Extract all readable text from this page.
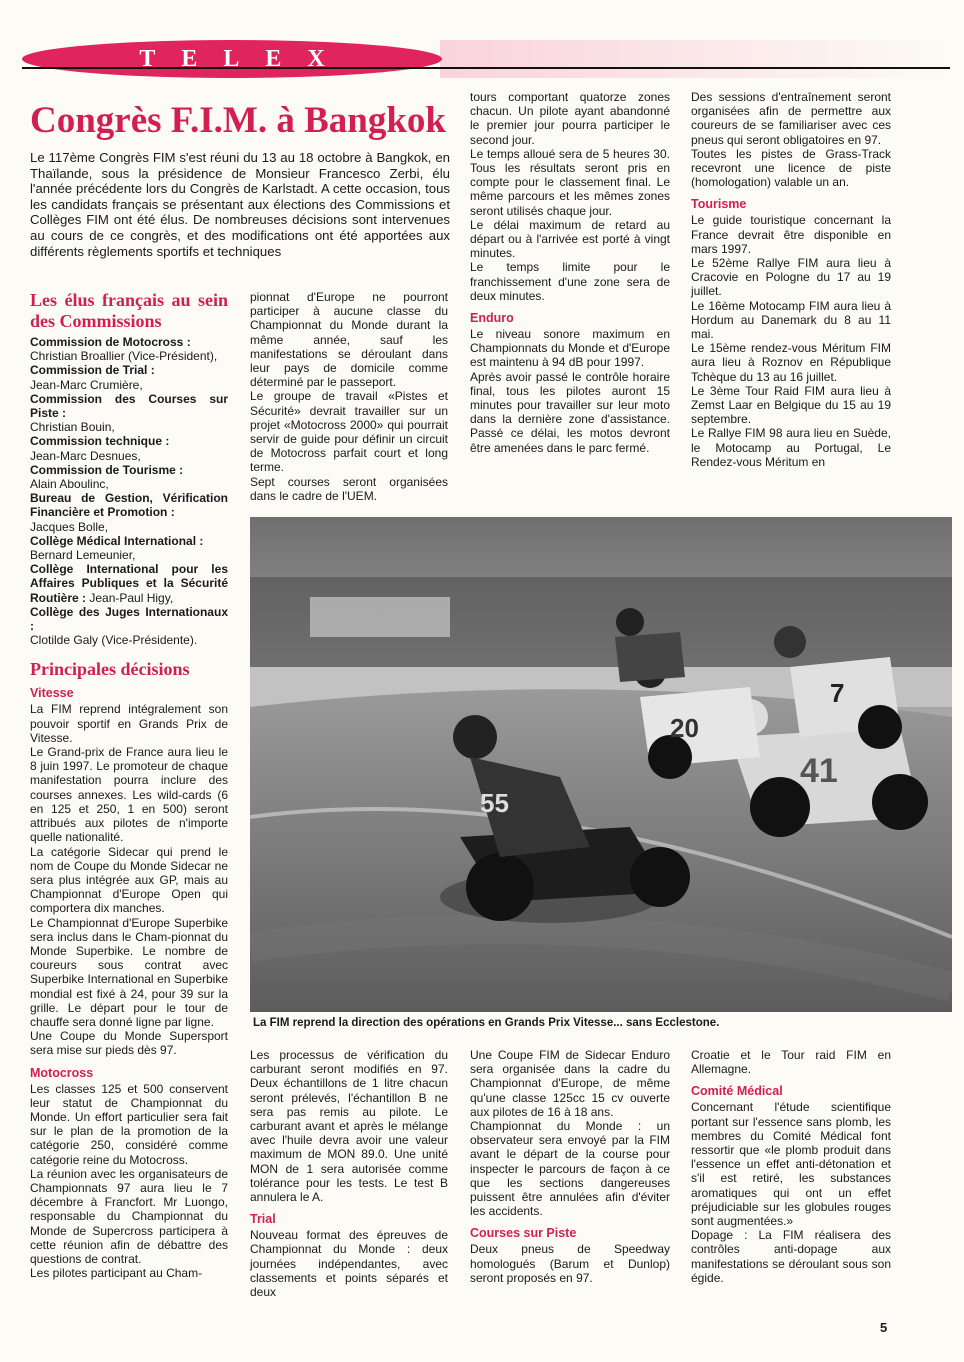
TELEX
Congrès F.I.M. à Bangkok
Le 117ème Congrès FIM s'est réuni du 13 au 18 octobre à Bangkok, en Thaïlande, sous la présidence de Monsieur Francesco Zerbi, élu l'année précédente lors du Congrès de Karlstadt. A cette occasion, tous les candidats français se présentant aux élections des Commissions et Collèges FIM ont été élus. De nombreuses décisions sont intervenues au cours de ce congrès, et des modifications ont été apportées aux différents règlements sportifs et techniques
Les élus français au sein des Commissions

Commission de Motocross :
Christian Broallier (Vice-Président),

Commission de Trial :
Jean-Marc Crumière,

Commission des Courses sur Piste :
Christian Bouin,

Commission technique :
Jean-Marc Desnues,

Commission de Tourisme :
Alain Aboulinc,

Bureau de Gestion, Vérification Financière et Promotion :
Jacques Bolle,

Collège Médical International :
Bernard Lemeunier,

Collège International pour les Affaires Publiques et la Sécurité Routière : Jean-Paul Higy,

Collège des Juges Internationaux :
Clotilde Galy (Vice-Présidente).

Principales décisions
Vitesse

La FIM reprend intégralement son pouvoir sportif en Grands Prix de Vitesse.

Le Grand-prix de France aura lieu le 8 juin 1997. Le promoteur de chaque manifestation pourra inclure des courses annexes. Les wild-cards (6 en 125 et 250, 1 en 500) seront attribués aux pilotes de n'importe quelle nationalité.

La catégorie Sidecar qui prend le nom de Coupe du Monde Sidecar ne sera plus intégrée aux GP, mais au Championnat d'Europe Open qui comportera dix manches.

Le Championnat d'Europe Superbike sera inclus dans le Cham-pionnat du Monde Superbike. Le nombre de coureurs sous contrat avec Superbike International en Superbike mondial est fixé à 24, pour 39 sur la grille. Le départ pour le tour de chauffe sera donné ligne par ligne.

Une Coupe du Monde Supersport sera mise sur pieds dès 97.

Motocross

Les classes 125 et 500 conservent leur statut de Championnat du Monde. Un effort particulier sera fait sur le plan de la promotion de la catégorie 250, considéré comme catégorie reine du Motocross.

La réunion avec les organisateurs de Championnats 97 aura lieu le 7 décembre à Francfort. Mr Luongo, responsable du Championnat du Monde de Supercross participera à cette réunion afin de débattre des questions de contrat.

Les pilotes participant au Cham-

pionnat d'Europe ne pourront participer à aucune classe du Championnat du Monde durant la même année, sauf les manifestations se déroulant dans leur pays de domicile comme déterminé par le passeport.

Le groupe de travail «Pistes et Sécurité» devrait travailler sur un projet «Motocross 2000» qui pourrait servir de guide pour définir un circuit de Motocross parfait court et long terme.

Sept courses seront organisées dans le cadre de l'UEM.

tours comportant quatorze zones chacun. Un pilote ayant abandonné le premier jour pourra participer le second jour.

Le temps alloué sera de 5 heures 30. Tous les résultats seront pris en compte pour le classement final. Le même parcours et les mêmes zones seront utilisés chaque jour.

Le délai maximum de retard au départ ou à l'arrivée est porté à vingt minutes.

Le temps limite pour le franchissement d'une zone sera de deux minutes.

Enduro

Le niveau sonore maximum en Championnats du Monde et d'Europe est maintenu à 94 dB pour 1997.

Après avoir passé le contrôle horaire final, tous les pilotes auront 15 minutes pour travailler sur leur moto dans la dernière zone d'assistance. Passé ce délai, les motos devront être amenées dans le parc fermé.

Des sessions d'entraînement seront organisées afin de permettre aux coureurs de se familiariser avec ces pneus qui seront obligatoires en 97.

Toutes les pistes de Grass-Track recevront une licence de piste (homologation) valable un an.

Tourisme

Le guide touristique concernant la France devrait être disponible en mars 1997.

Le 52ème Rallye FIM aura lieu à Cracovie en Pologne du 17 au 19 juillet.

Le 16ème Motocamp FIM aura lieu à Hordum au Danemark du 8 au 11 mai.

Le 15ème rendez-vous Méritum FIM aura lieu à Roznov en République Tchèque du 13 au 16 juillet.

Le 3ème Tour Raid FIM aura lieu à Zemst Laar en Belgique du 15 au 19 septembre.

Le Rallye FIM 98 aura lieu en Suède, le Motocamp au Portugal, Le Rendez-vous Méritum en

55
41
20
7
La FIM reprend la direction des opérations en Grands Prix Vitesse... sans Ecclestone.

Les processus de vérification du carburant seront modifiés en 97. Deux échantillons de 1 litre chacun seront prélevés, l'échantillon B ne sera pas remis au pilote. Le carburant avant et après le mélange avec l'huile devra avoir une valeur maximum de MON 89.0. Une unité MON de 1 sera autorisée comme tolérance pour les tests. Le test B annulera le A.

Trial

Nouveau format des épreuves de Championnat du Monde : deux journées indépendantes, avec classements et points séparés et deux

Une Coupe FIM de Sidecar Enduro sera organisée dans la cadre du Championnat d'Europe, de même qu'une classe 125cc 15 cv ouverte aux pilotes de 16 à 18 ans.

Championnat du Monde : un observateur sera envoyé par la FIM avant le départ de la course pour inspecter le parcours de façon à ce que les sections dangereuses puissent être annulées afin d'éviter les accidents.

Courses sur Piste

Deux pneus de Speedway homologués (Barum et Dunlop) seront proposés en 97.

Croatie et le Tour raid FIM en Allemagne.

Comité Médical

Concernant l'étude scientifique portant sur l'essence sans plomb, les membres du Comité Médical font ressortir que «le plomb produit dans l'essence un effet anti-détonation et s'il est retiré, les substances aromatiques qui ont un effet préjudiciable sur les globules rouges sont augmentées.»

Dopage : La FIM réalisera des contrôles anti-dopage aux manifestations se déroulant sous son égide.

5
